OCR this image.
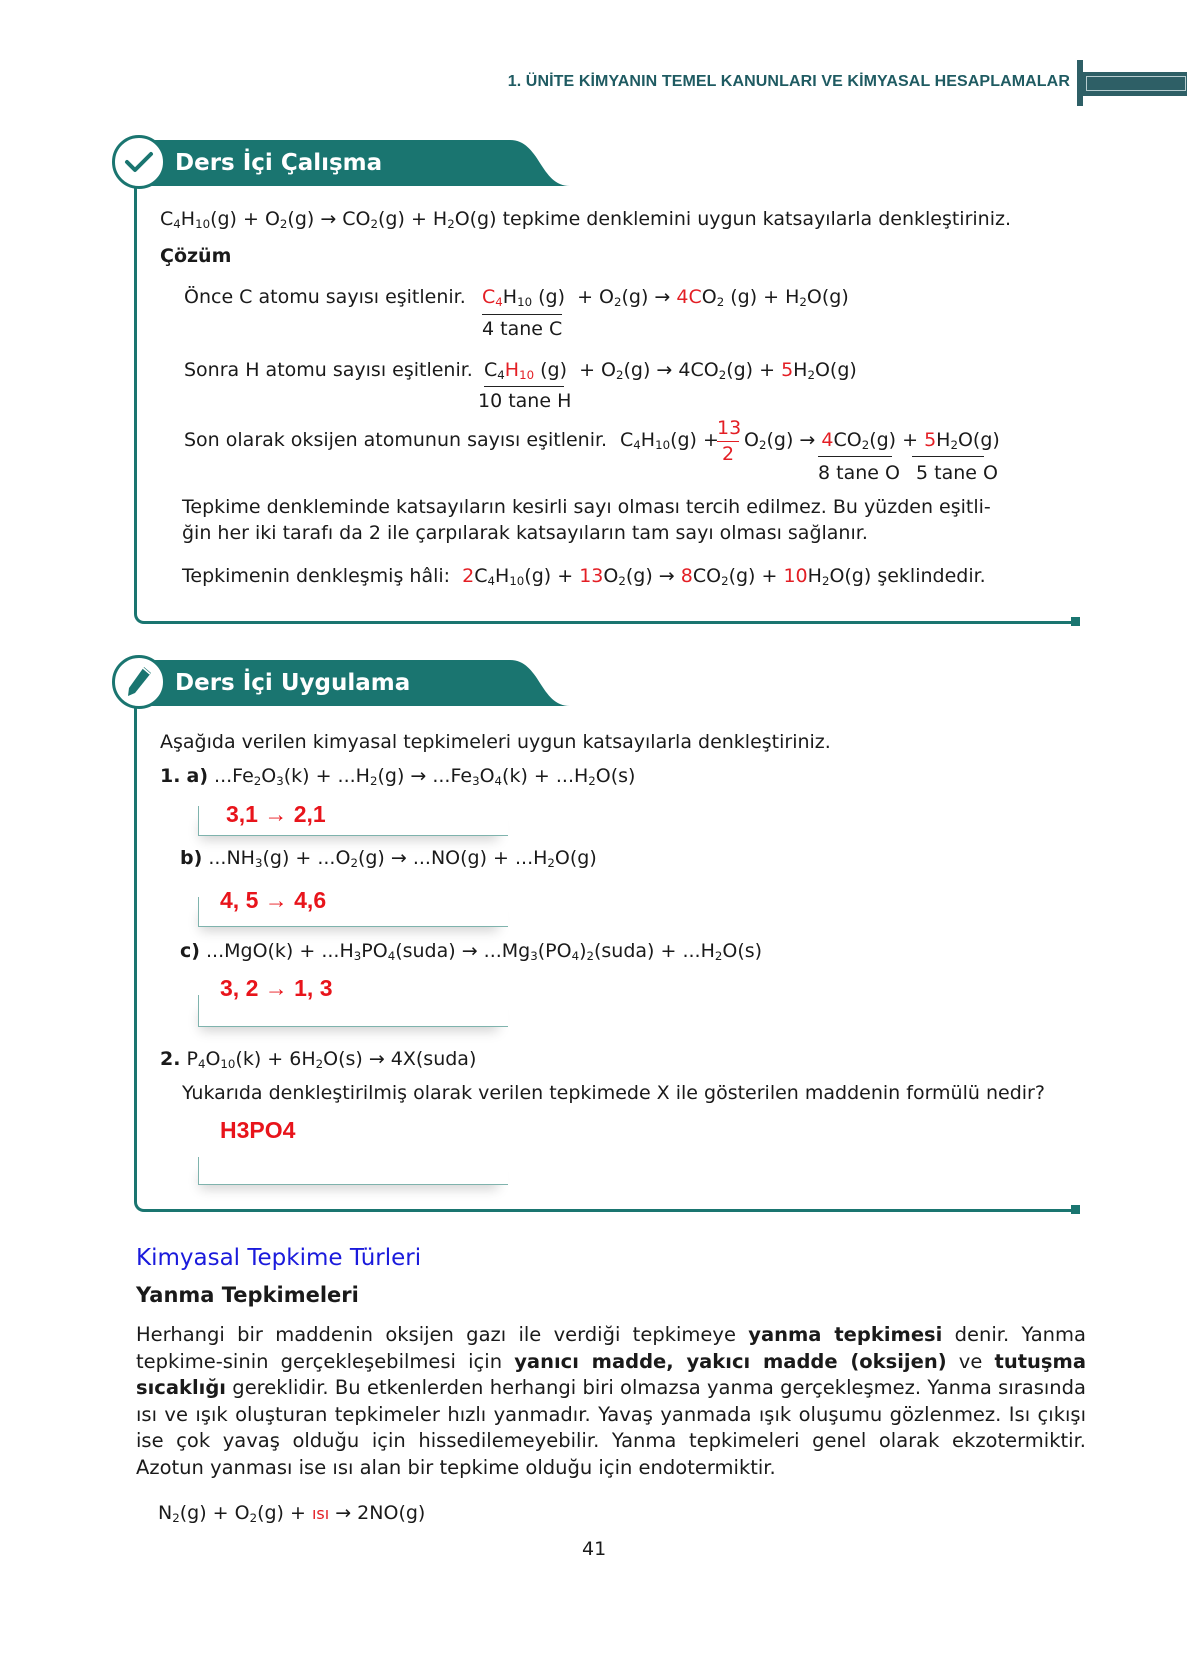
1. ÜNİTE KİMYANIN TEMEL KANUNLARI VE KİMYASAL HESAPLAMALAR
Ders İçi Çalışma
$C_4H_{10}(g) + O_2(g) \to CO_2(g) + H_2O(g)$ tepkime denklemini uygun katsayılarla denkleştiriniz.
Çözüm
Önce C atomu sayısı eşitlenir. $C_4H_{10}$ $(g) + O_2(g) \to 4CO_2$ $(g) + H_2O(g)$
4 tane C
Sonra H atomu sayısı eşitlenir. $C_4H_{10}$ $(g) + O_2(g) \to 4CO_2(g) + 5H_2O(g)$
10 tane H
Son olarak oksijen atomunun sayısı eşitlenir. $C_4H_{10}(g)$ +
13
2
$O_2(g) \to 4CO_2(g) + 5H_2O(g)$
8 tane O 5 tane O
Tepkime denkleminde katsayıların kesirli sayı olması tercih edilmez. Bu yüzden eşitli-
ğin her iki tarafı da 2 ile çarpılarak katsayıların tam sayı olması sağlanır.
Tepkimenin denkleşmiş hâli: $2C_4H_{10}(g) + 13O_2(g) \to 8CO_2(g) + 10H_2O(g)$ şeklindedir.
Ders İçi Uygulama
Aşağıda verilen kimyasal tepkimeleri uygun katsayılarla denkleştiriniz.
1. a) $...Fe_2O_3(k) + ...H_2(g) \to ...Fe_3O_4(k) + ...H_2O(s)$
3,1 → 2,1
b) $...NH_3(g) + ...O_2(g) \to ...NO(g) + ...H_2O(g)$
4, 5 → 4,6
c) $...MgO(k) + ...H_3PO_4(suda)$ → $...Mg_3(PO_4)_2(suda) + ...H_2O(s)$
3, 2 → 1, 3
2. $P_4O_{10}(k) + 6H_2O(s)$ → 4X(suda)
Yukarıda denkleştirilmiş olarak verilen tepkimede X ile gösterilen maddenin formülü nedir?
H3PO4
Kimyasal Tepkime Türleri
Yanma Tepkimeleri
Herhangi bir maddenin oksijen gazı ile verdiği tepkimeye yanma tepkimesi denir. Yanma tepkime-sinin gerçekleşebilmesi için yanıcı madde, yakıcı madde (oksijen) ve tutuşma sıcaklığı gereklidir. Bu etkenlerden herhangi biri olmazsa yanma gerçekleşmez. Yanma sırasında ısı ve ışık oluşturan tepkimeler hızlı yanmadır. Yavaş yanmada ışık oluşumu gözlenmez. Isı çıkışı ise çok yavaş olduğu için hissedilemeyebilir. Yanma tepkimeleri genel olarak ekzotermiktir. Azotun yanması ise ısı alan bir tepkime olduğu için endotermiktir.
$N_2(g) + O_2(g)$ + ısı → 2NO(g)
41
